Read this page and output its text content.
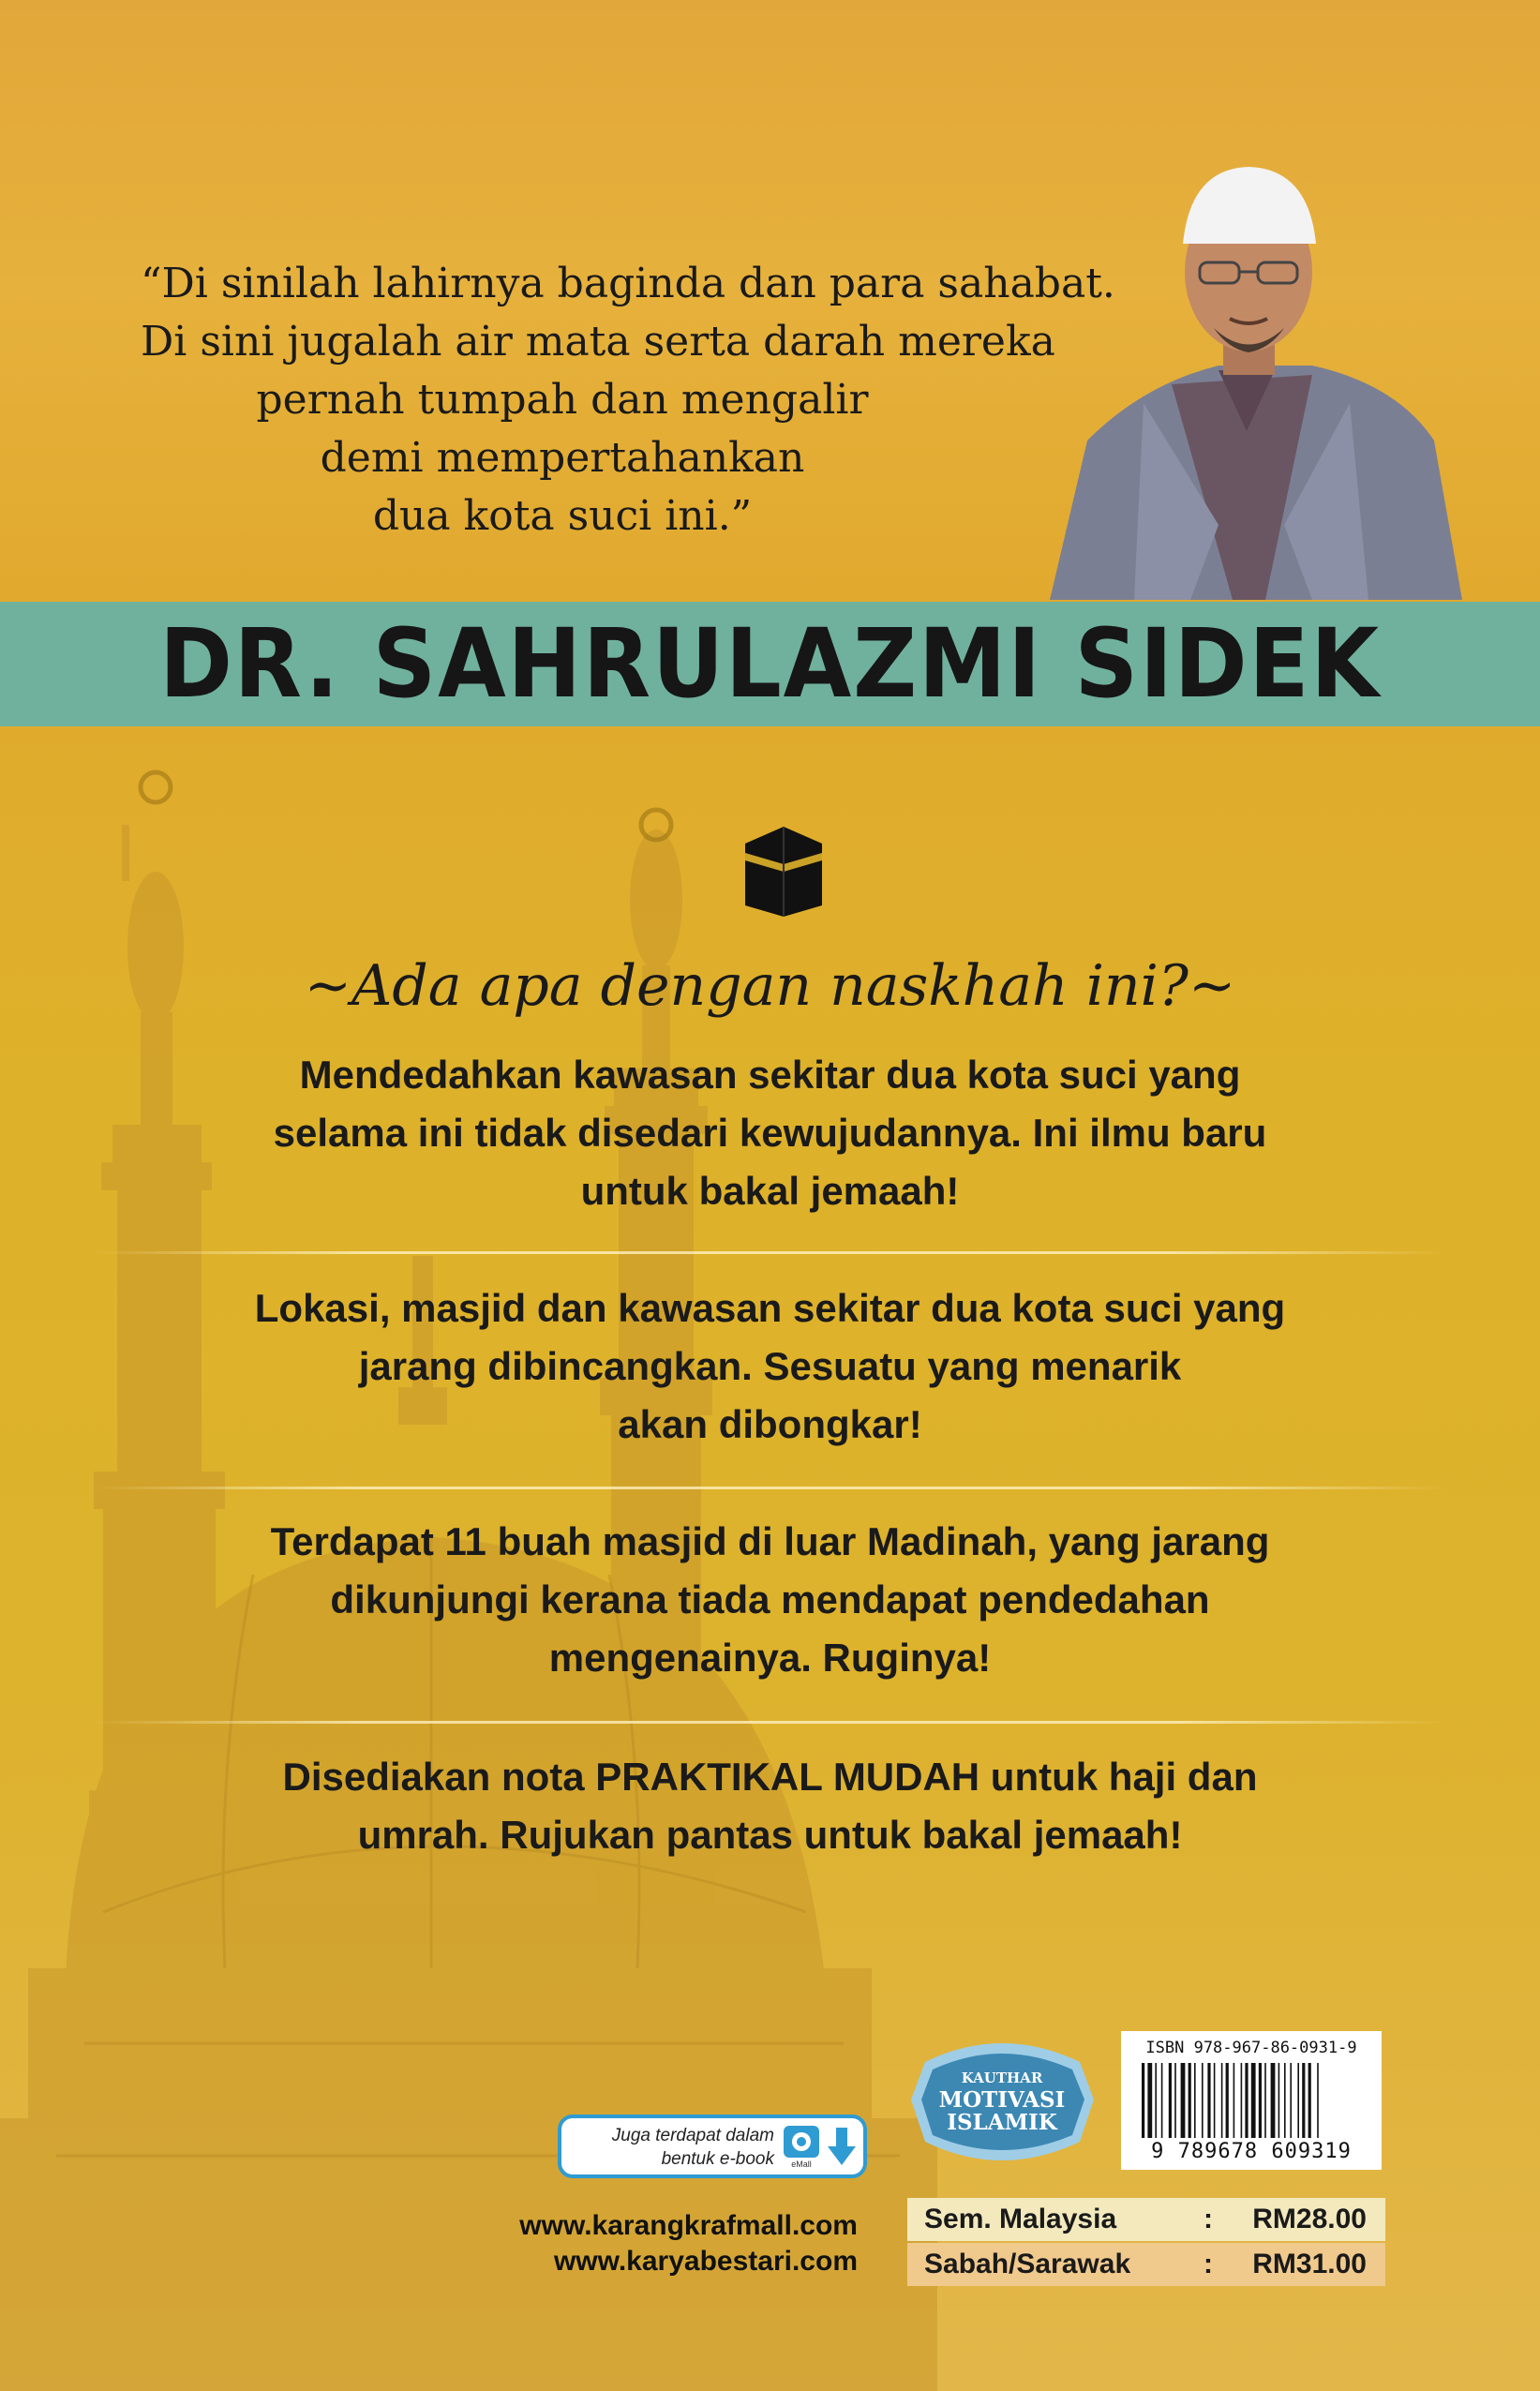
“Di sinilah lahirnya baginda dan para sahabat.
Di sini jugalah air mata serta darah mereka
pernah tumpah dan mengalir
demi mempertahankan
dua kota suci ini.”
DR. SAHRULAZMI SIDEK
~Ada apa dengan naskhah ini?~
Mendedahkan kawasan sekitar dua kota suci yang
selama ini tidak disedari kewujudannya. Ini ilmu baru
untuk bakal jemaah!
Lokasi, masjid dan kawasan sekitar dua kota suci yang
jarang dibincangkan. Sesuatu yang menarik
akan dibongkar!
Terdapat 11 buah masjid di luar Madinah, yang jarang
dikunjungi kerana tiada mendapat pendedahan
mengenainya. Ruginya!
Disediakan nota PRAKTIKAL MUDAH untuk haji dan
umrah. Rujukan pantas untuk bakal jemaah!
Juga terdapat dalam
bentuk e-book eMall
www.karangkrafmall.com
www.karyabestari.com
KAUTHAR
MOTIVASI
ISLAMIK
ISBN 978-967-86-0931-9
9 789678 609319
Sem. Malaysia	: RM28.00
Sabah/Sarawak	: RM31.00
